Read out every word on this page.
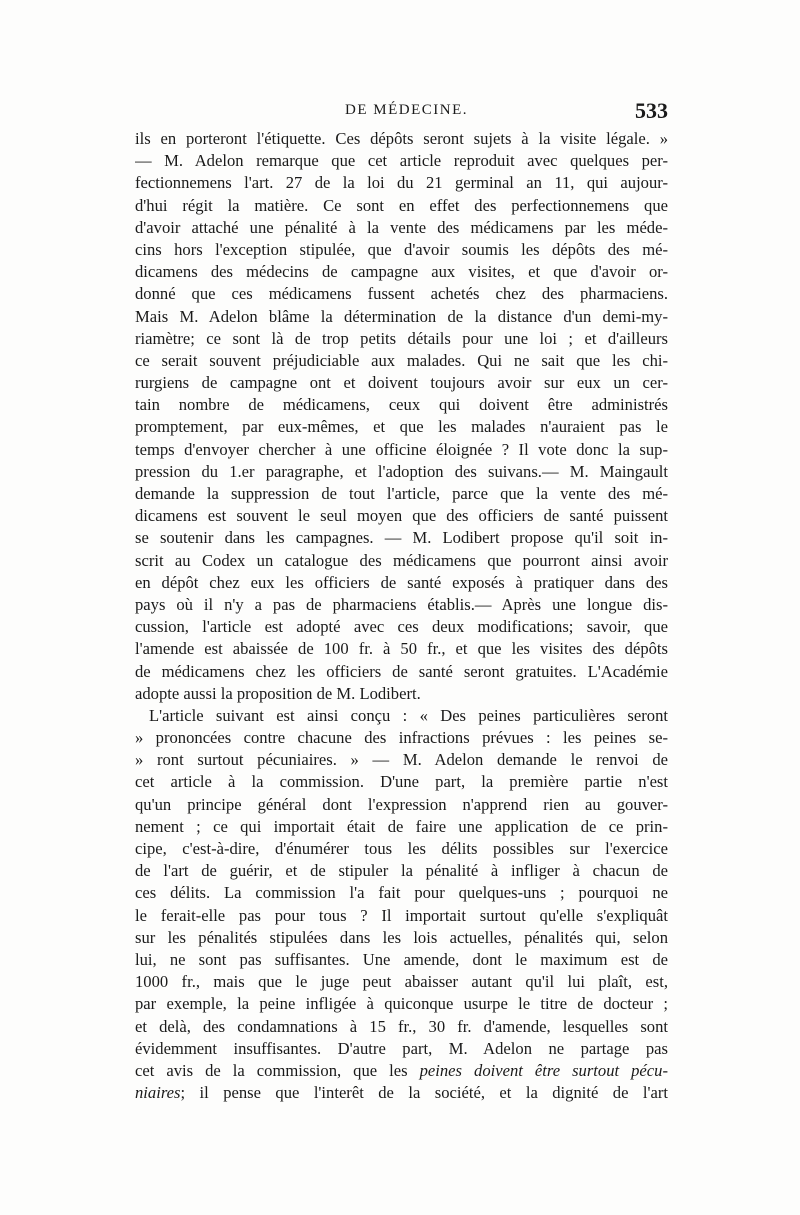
DE MÉDECINE.	533
ils en porteront l'étiquette. Ces dépôts seront sujets à la visite légale. »
— M. Adelon remarque que cet article reproduit avec quelques per-
fectionnemens l'art. 27 de la loi du 21 germinal an 11, qui aujour-
d'hui régit la matière. Ce sont en effet des perfectionnemens que
d'avoir attaché une pénalité à la vente des médicamens par les méde-
cins hors l'exception stipulée, que d'avoir soumis les dépôts des mé-
dicamens des médecins de campagne aux visites, et que d'avoir or-
donné que ces médicamens fussent achetés chez des pharmaciens.
Mais M. Adelon blâme la détermination de la distance d'un demi-my-
riamètre; ce sont là de trop petits détails pour une loi ; et d'ailleurs
ce serait souvent préjudiciable aux malades. Qui ne sait que les chi-
rurgiens de campagne ont et doivent toujours avoir sur eux un cer-
tain nombre de médicamens, ceux qui doivent être administrés
promptement, par eux-mêmes, et que les malades n'auraient pas le
temps d'envoyer chercher à une officine éloignée ? Il vote donc la sup-
pression du 1.er paragraphe, et l'adoption des suivans.— M. Maingault
demande la suppression de tout l'article, parce que la vente des mé-
dicamens est souvent le seul moyen que des officiers de santé puissent
se soutenir dans les campagnes. — M. Lodibert propose qu'il soit in-
scrit au Codex un catalogue des médicamens que pourront ainsi avoir
en dépôt chez eux les officiers de santé exposés à pratiquer dans des
pays où il n'y a pas de pharmaciens établis.— Après une longue dis-
cussion, l'article est adopté avec ces deux modifications; savoir, que
l'amende est abaissée de 100 fr. à 50 fr., et que les visites des dépôts
de médicamens chez les officiers de santé seront gratuites. L'Académie
adopte aussi la proposition de M. Lodibert.
L'article suivant est ainsi conçu : « Des peines particulières seront
» prononcées contre chacune des infractions prévues : les peines se-
» ront surtout pécuniaires. » — M. Adelon demande le renvoi de
cet article à la commission. D'une part, la première partie n'est
qu'un principe général dont l'expression n'apprend rien au gouver-
nement ; ce qui importait était de faire une application de ce prin-
cipe, c'est-à-dire, d'énumérer tous les délits possibles sur l'exercice
de l'art de guérir, et de stipuler la pénalité à infliger à chacun de
ces délits. La commission l'a fait pour quelques-uns ; pourquoi ne
le ferait-elle pas pour tous ? Il importait surtout qu'elle s'expliquât
sur les pénalités stipulées dans les lois actuelles, pénalités qui, selon
lui, ne sont pas suffisantes. Une amende, dont le maximum est de
1000 fr., mais que le juge peut abaisser autant qu'il lui plaît, est,
par exemple, la peine infligée à quiconque usurpe le titre de docteur ;
et delà, des condamnations à 15 fr., 30 fr. d'amende, lesquelles sont
évidemment insuffisantes. D'autre part, M. Adelon ne partage pas
cet avis de la commission, que les peines doivent être surtout pécu-
niaires; il pense que l'interêt de la société, et la dignité de l'art
